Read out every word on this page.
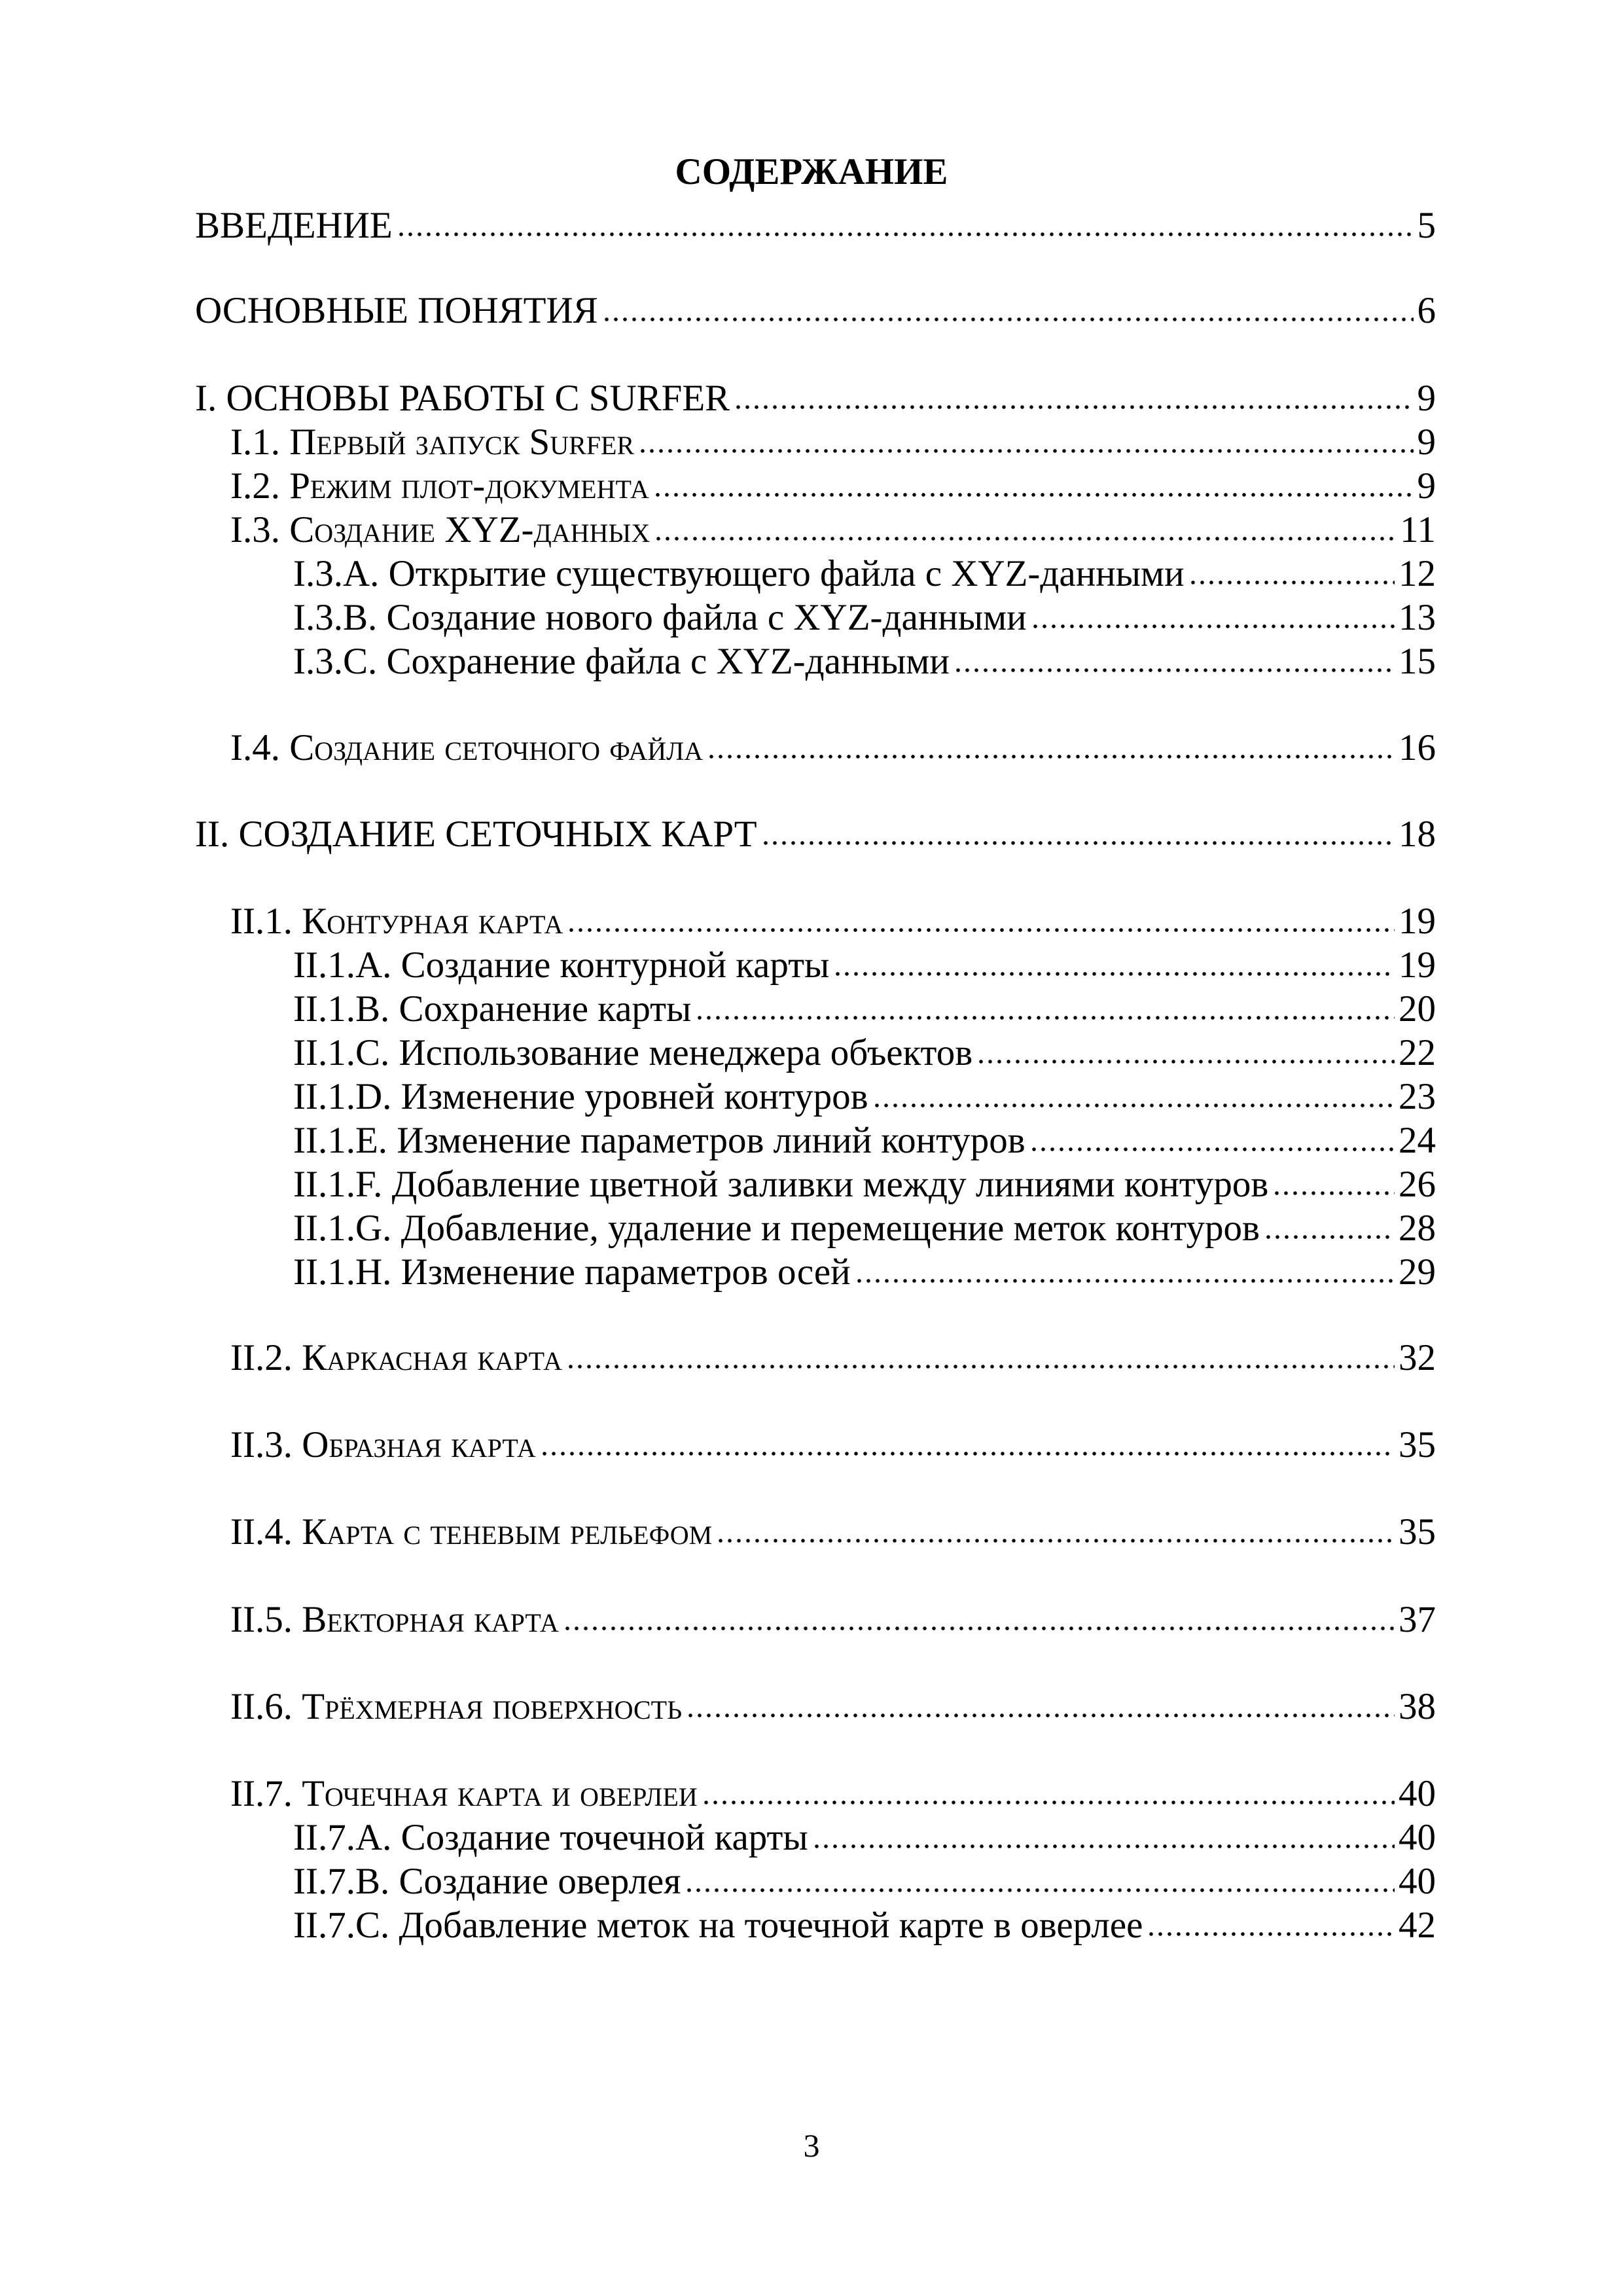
СОДЕРЖАНИЕ
ВВЕДЕНИЕ	5
ОСНОВНЫЕ ПОНЯТИЯ	6
I. ОСНОВЫ РАБОТЫ С SURFER	9
I.1. Первый запуск Surfer	9
I.2. Режим плот-документа	9
I.3. Создание XYZ-данных	11
I.3.A. Открытие существующего файла с XYZ-данными	12
I.3.B. Создание нового файла с XYZ-данными	13
I.3.C. Сохранение файла с XYZ-данными	15
I.4. Создание сеточного файла	16
II. СОЗДАНИЕ СЕТОЧНЫХ КАРТ	18
II.1. Контурная карта	19
II.1.A. Создание контурной карты	19
II.1.B. Сохранение карты	20
II.1.C. Использование менеджера объектов	22
II.1.D. Изменение уровней контуров	23
II.1.E. Изменение параметров линий контуров	24
II.1.F. Добавление цветной заливки между линиями контуров	26
II.1.G. Добавление, удаление и перемещение меток контуров	28
II.1.H. Изменение параметров осей	29
II.2. Каркасная карта	32
II.3. Образная карта	35
II.4. Карта с теневым рельефом	35
II.5. Векторная карта	37
II.6. Трёхмерная поверхность	38
II.7. Точечная карта и оверлеи	40
II.7.A. Создание точечной карты	40
II.7.B. Создание оверлея	40
II.7.C. Добавление меток на точечной карте в оверлее	42
3
